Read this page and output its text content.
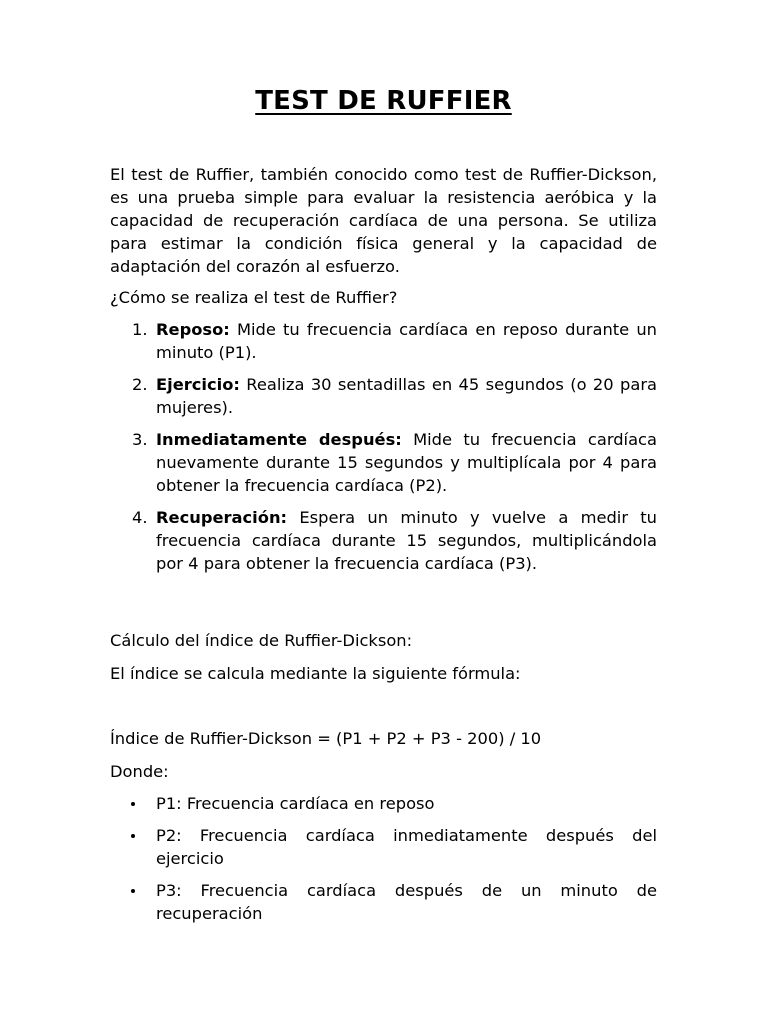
TEST DE RUFFIER

El test de Ruffier, también conocido como test de Ruffier-Dickson, es una prueba simple para evaluar la resistencia aeróbica y la capacidad de recuperación cardíaca de una persona. Se utiliza para estimar la condición física general y la capacidad de adaptación del corazón al esfuerzo.

¿Cómo se realiza el test de Ruffier?

1. Reposo: Mide tu frecuencia cardíaca en reposo durante un minuto (P1).
2. Ejercicio: Realiza 30 sentadillas en 45 segundos (o 20 para mujeres).
3. Inmediatamente después: Mide tu frecuencia cardíaca nuevamente durante 15 segundos y multiplícala por 4 para obtener la frecuencia cardíaca (P2).
4. Recuperación: Espera un minuto y vuelve a medir tu frecuencia cardíaca durante 15 segundos, multiplicándola por 4 para obtener la frecuencia cardíaca (P3).

Cálculo del índice de Ruffier-Dickson:

El índice se calcula mediante la siguiente fórmula:

Índice de Ruffier-Dickson = (P1 + P2 + P3 - 200) / 10

Donde:

P1: Frecuencia cardíaca en reposo
P2: Frecuencia cardíaca inmediatamente después del ejercicio
P3: Frecuencia cardíaca después de un minuto de recuperación
